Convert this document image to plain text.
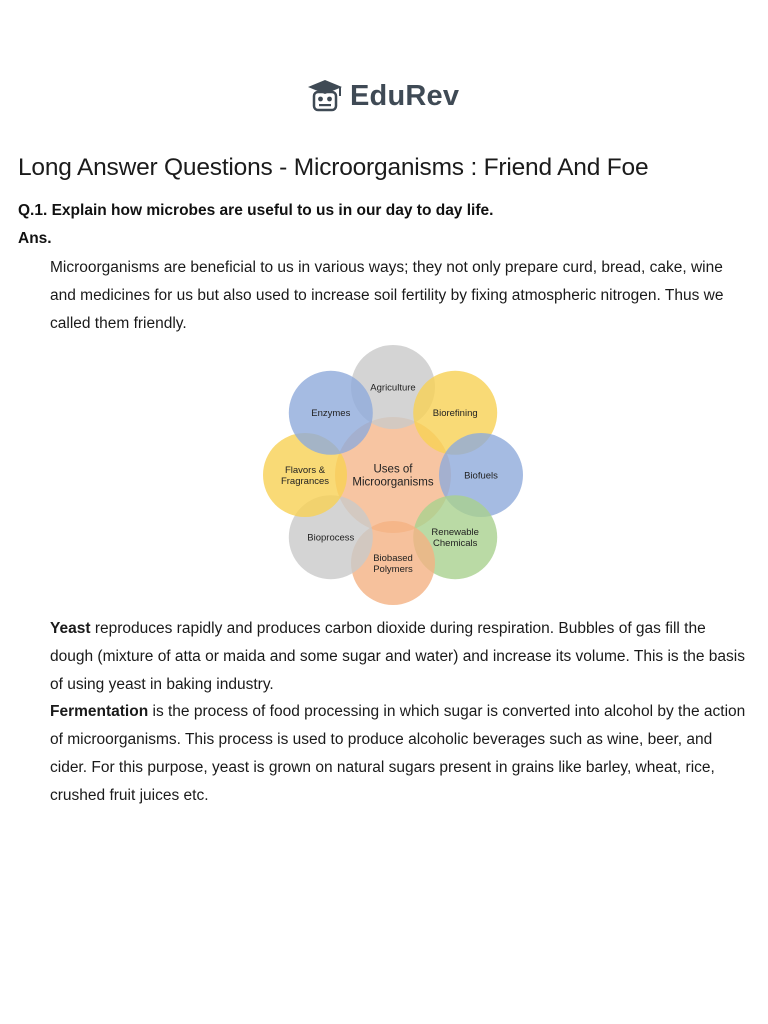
EduRev
Long Answer Questions - Microorganisms : Friend And Foe

Q.1. Explain how microbes are useful to us in our day to day life.

Ans.

Microorganisms are beneficial to us in various ways; they not only prepare curd, bread, cake, wine and medicines for us but also used to increase soil fertility by fixing atmospheric nitrogen. Thus we called them friendly.

Uses of Microorganisms
Agriculture
Biorefining
Biofuels
Renewable Chemicals
Biobased Polymers
Bioprocess
Flavors & Fragrances
Enzymes

Yeast reproduces rapidly and produces carbon dioxide during respiration. Bubbles of gas fill the dough (mixture of atta or maida and some sugar and water) and increase its volume. This is the basis of using yeast in baking industry.

Fermentation is the process of food processing in which sugar is converted into alcohol by the action of microorganisms. This process is used to produce alcoholic beverages such as wine, beer, and cider. For this purpose, yeast is grown on natural sugars present in grains like barley, wheat, rice, crushed fruit juices etc.
